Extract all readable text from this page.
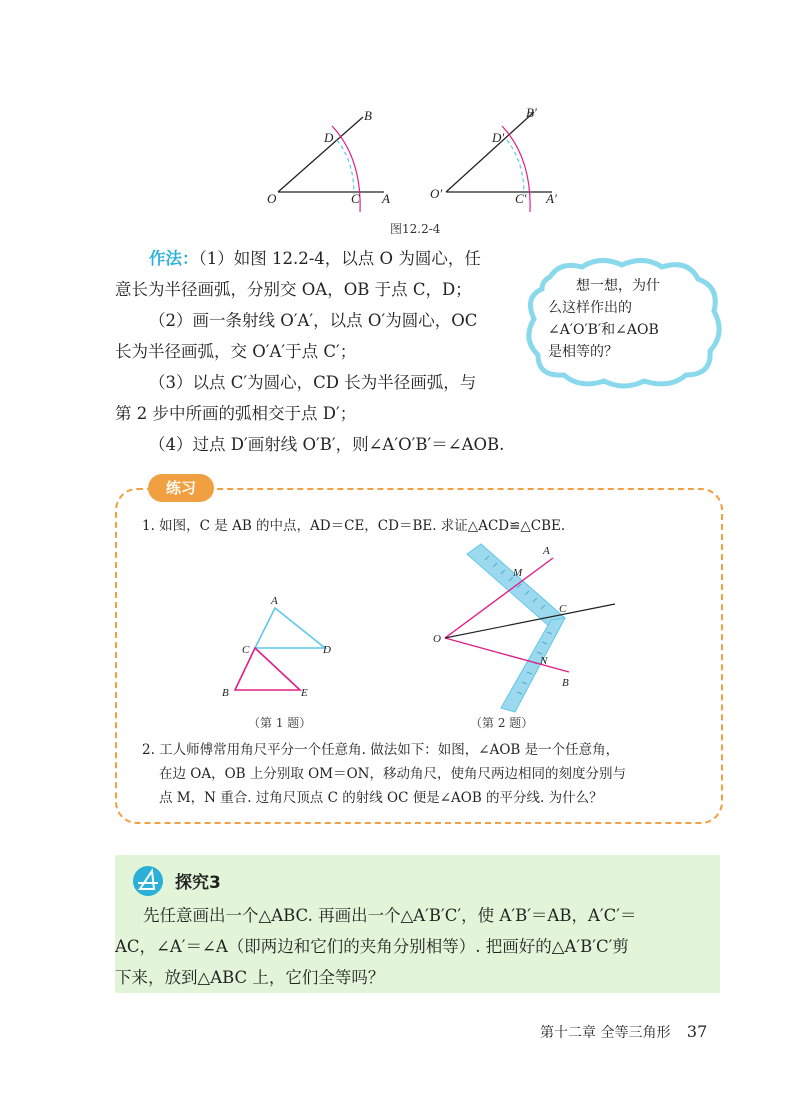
O	C A
B
D
O′	C′ A′
B′
D′
图12.2-4

作法：（1）如图 12.2-4，以点 O 为圆心，任

意长为半径画弧，分别交 OA，OB 于点 C，D；

（2）画一条射线 O′A′，以点 O′为圆心，OC

长为半径画弧，交 O′A′于点 C′；

（3）以点 C′为圆心，CD 长为半径画弧，与

第 2 步中所画的弧相交于点 D′；

（4）过点 D′画射线 O′B′，则∠A′O′B′＝∠AOB.

想一想，为什
么这样作出的
∠A′O′B′和∠AOB
是相等的？
练习

1. 如图，C 是 AB 的中点，AD＝CE，CD＝BE. 求证△ACD≌△CBE.

A
C	D
B	E
（第 1 题）
A
M
C
O
N
B
（第 2 题）

2. 工人师傅常用角尺平分一个任意角. 做法如下：如图，∠AOB 是一个任意角，

在边 OA，OB 上分别取 OM＝ON，移动角尺，使角尺两边相同的刻度分别与

点 M，N 重合. 过角尺顶点 C 的射线 OC 便是∠AOB 的平分线. 为什么？

探究3

先任意画出一个△ABC. 再画出一个△A′B′C′，使 A′B′＝AB，A′C′＝

AC，∠A′＝∠A（即两边和它们的夹角分别相等）. 把画好的△A′B′C′剪

下来，放到△ABC 上，它们全等吗？

第十二章 全等三角形 37
